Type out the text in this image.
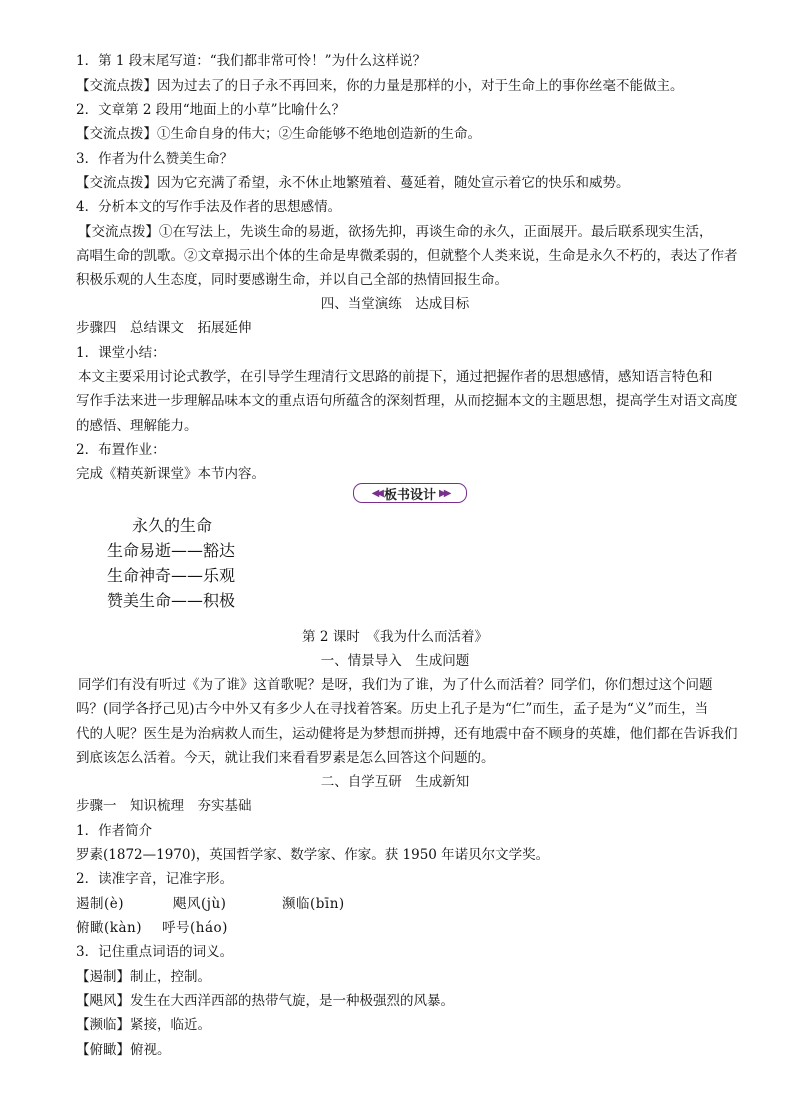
1．第 1 段末尾写道：“我们都非常可怜！”为什么这样说？
【交流点拨】因为过去了的日子永不再回来，你的力量是那样的小，对于生命上的事你丝毫不能做主。
2．文章第 2 段用“地面上的小草”比喻什么？
【交流点拨】①生命自身的伟大；②生命能够不绝地创造新的生命。
3．作者为什么赞美生命？
【交流点拨】因为它充满了希望，永不休止地繁殖着、蔓延着，随处宣示着它的快乐和威势。
4．分析本文的写作手法及作者的思想感情。
【交流点拨】①在写法上，先谈生命的易逝，欲扬先抑，再谈生命的永久，正面展开。最后联系现实生活，
高唱生命的凯歌。②文章揭示出个体的生命是卑微柔弱的，但就整个人类来说，生命是永久不朽的，表达了作者
积极乐观的人生态度，同时要感谢生命，并以自己全部的热情回报生命。
四、当堂演练　达成目标
步骤四　总结课文　拓展延伸
1．课堂小结：
本文主要采用讨论式教学，在引导学生理清行文思路的前提下，通过把握作者的思想感情，感知语言特色和
写作手法来进一步理解品味本文的重点语句所蕴含的深刻哲理，从而挖掘本文的主题思想，提高学生对语文高度
的感悟、理解能力。
2．布置作业：
完成《精英新课堂》本节内容。
◀◀ 板书设计 ▶▶
永久的生命
生命易逝——豁达
生命神奇——乐观
赞美生命——积极
第 2 课时　《我为什么而活着》
一、情景导入　生成问题
同学们有没有听过《为了谁》这首歌呢？是呀，我们为了谁，为了什么而活着？同学们，你们想过这个问题
吗？(同学各抒己见)古今中外又有多少人在寻找着答案。历史上孔子是为“仁”而生，孟子是为“义”而生，当
代的人呢？医生是为治病救人而生，运动健将是为梦想而拼搏，还有地震中奋不顾身的英雄，他们都在告诉我们
到底该怎么活着。今天，就让我们来看看罗素是怎么回答这个问题的。
二、自学互研　生成新知
步骤一　知识梳理　夯实基础
1．作者简介
罗素(1872—1970)，英国哲学家、数学家、作家。获 1950 年诺贝尔文学奖。
2．读准字音，记准字形。
遏制(è)	飓风(jù)	濒临(bīn)
俯瞰(kàn) 呼号(háo)
3．记住重点词语的词义。
【遏制】制止，控制。
【飓风】发生在大西洋西部的热带气旋，是一种极强烈的风暴。
【濒临】紧接，临近。
【俯瞰】俯视。
